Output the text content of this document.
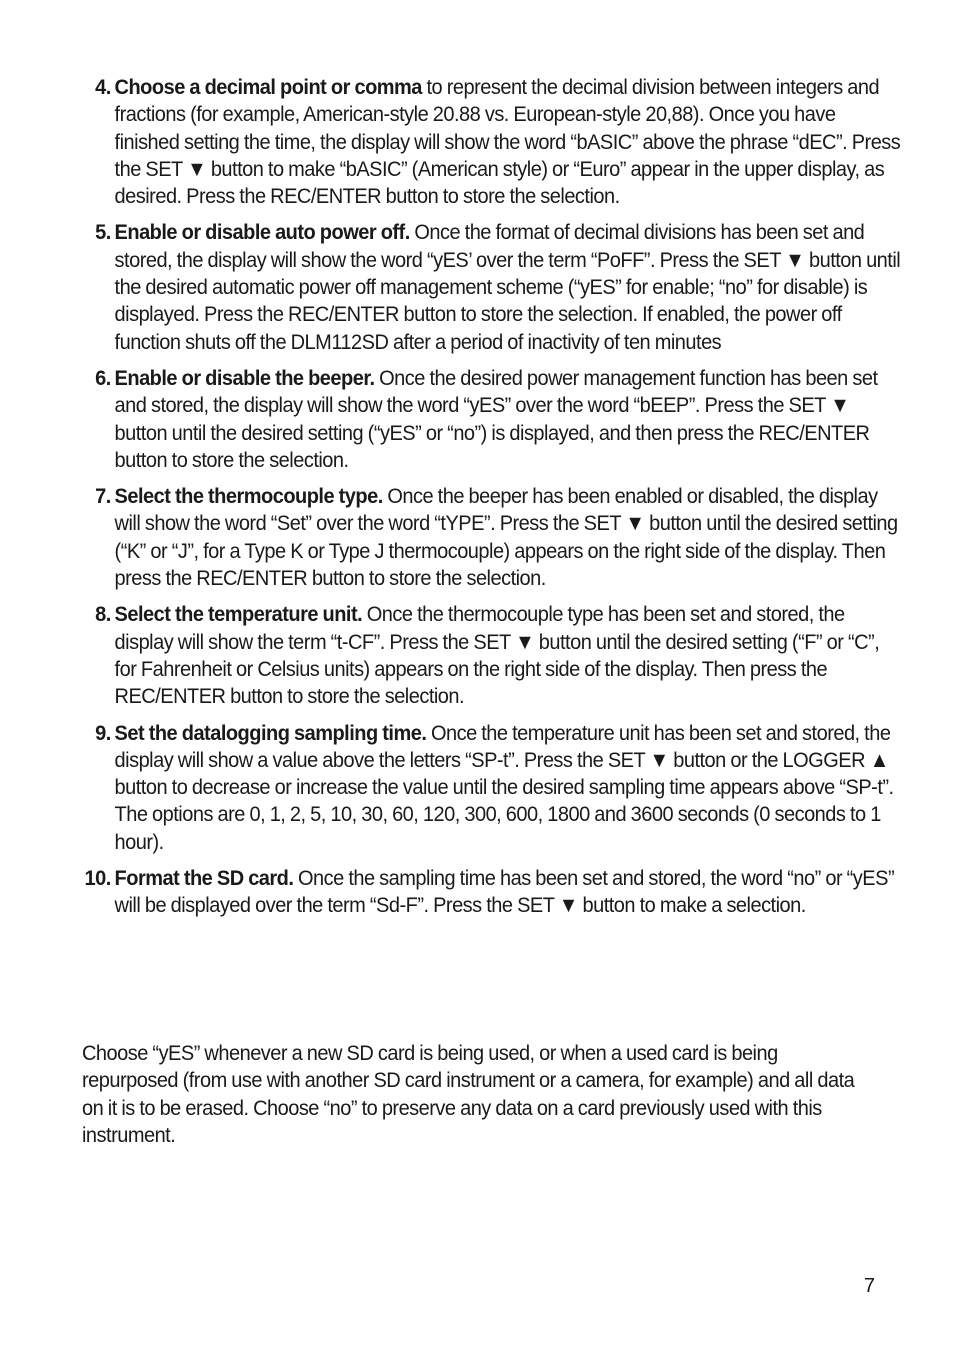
4. Choose a decimal point or comma to represent the decimal division between integers and fractions (for example, American-style 20.88 vs. European-style 20,88). Once you have finished setting the time, the display will show the word “bASIC” above the phrase “dEC”. Press the SET ▼ button to make “bASIC” (American style) or “Euro” appear in the upper display, as desired. Press the REC/ENTER button to store the selection.
5. Enable or disable auto power off. Once the format of decimal divisions has been set and stored, the display will show the word “yES’ over the term “PoFF”. Press the SET ▼ button until the desired automatic power off management scheme (“yES” for enable; “no” for disable) is displayed. Press the REC/ENTER button to store the selection. If enabled, the power off function shuts off the DLM112SD after a period of inactivity of ten minutes
6. Enable or disable the beeper. Once the desired power management function has been set and stored, the display will show the word “yES” over the word “bEEP”. Press the SET ▼ button until the desired setting (“yES” or “no”) is displayed, and then press the REC/ENTER button to store the selection.
7. Select the thermocouple type. Once the beeper has been enabled or disabled, the display will show the word “Set” over the word “tYPE”. Press the SET ▼ button until the desired setting (“K” or “J”, for a Type K or Type J thermocouple) appears on the right side of the display. Then press the REC/ENTER button to store the selection.
8. Select the temperature unit. Once the thermocouple type has been set and stored, the display will show the term “t-CF”. Press the SET ▼ button until the desired setting (“F” or “C”, for Fahrenheit or Celsius units) appears on the right side of the display. Then press the REC/ENTER button to store the selection.
9. Set the datalogging sampling time. Once the temperature unit has been set and stored, the display will show a value above the letters “SP-t”. Press the SET ▼ button or the LOGGER ▲ button to decrease or increase the value until the desired sampling time appears above “SP-t”. The options are 0, 1, 2, 5, 10, 30, 60, 120, 300, 600, 1800 and 3600 seconds (0 seconds to 1 hour).
10. Format the SD card. Once the sampling time has been set and stored, the word “no” or “yES” will be displayed over the term “Sd-F”. Press the SET ▼ button to make a selection.

Choose “yES” whenever a new SD card is being used, or when a used card is being repurposed (from use with another SD card instrument or a camera, for example) and all data on it is to be erased. Choose “no” to preserve any data on a card previously used with this instrument.

7
